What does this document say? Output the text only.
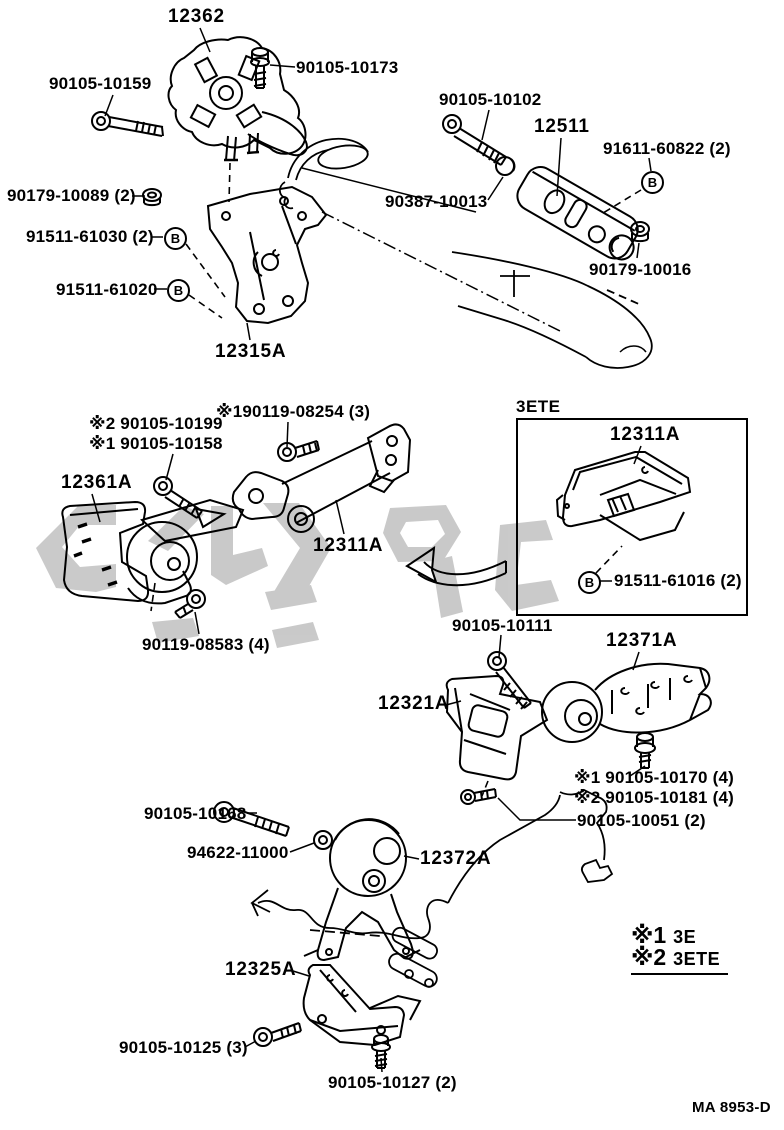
12362
90105-10173
90105-10159
90179-10089 (2)
91511-61030 (2)
91511-61020
12315A
90105-10102
12511
91611-60822 (2)
90387-10013
90179-10016
※190119-08254 (3)
※2 90105-10199
※1 90105-10158
12361A
12311A
90119-08583 (4)
3ETE
12311A
91511-61016 (2)
90105-10111
12371A
12321A
※1 90105-10170 (4)
※2 90105-10181 (4)
90105-10051 (2)
90105-10168
94622-11000	12372A
12325A
90105-10125 (3)
90105-10127 (2)
B
B
B
B
※1 3E
※2 3ETE
MA 8953-D
